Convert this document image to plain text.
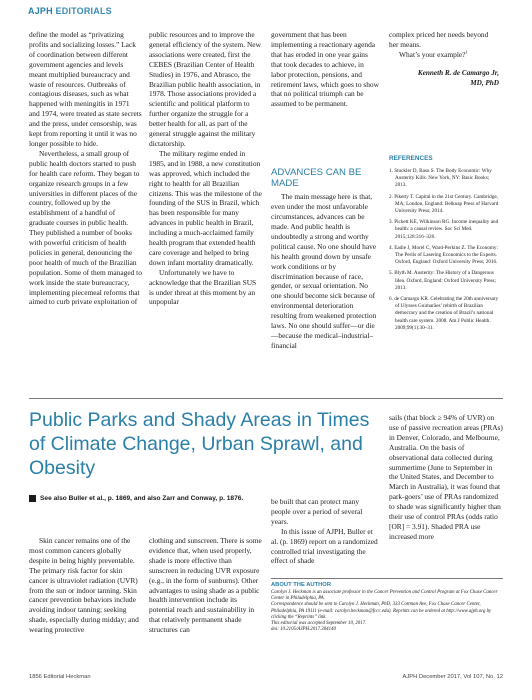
AJPH EDITORIALS

define the model as “privatizing profits and socializing losses.” Lack of coordination between different government agencies and levels meant multiplied bureaucracy and waste of resources. Outbreaks of contagious diseases, such as what happened with meningitis in 1971 and 1974, were treated as state secrets and the press, under censorship, was kept from reporting it until it was no longer possible to hide.

Nevertheless, a small group of public health doctors started to push for health care reform. They began to organize research groups in a few universities in different places of the country, followed up by the establishment of a handful of graduate courses in public health. They published a number of books with powerful criticism of health policies in general, denouncing the poor health of much of the Brazilian population. Some of them managed to work inside the state bureaucracy, implementing piecemeal reforms that aimed to curb private exploitation of

public resources and to improve the general efficiency of the system. New associations were created, first the CEBES (Brazilian Center of Health Studies) in 1976, and Abrasco, the Brazilian public health association, in 1978. Those associations provided a scientific and political platform to further organize the struggle for a better health for all, as part of the general struggle against the military dictatorship.

The military regime ended in 1985, and in 1988, a new constitution was approved, which included the right to health for all Brazilian citizens. This was the milestone of the founding of the SUS in Brazil, which has been responsible for many advances in public health in Brazil, including a much-acclaimed family health program that extended health care coverage and helped to bring down infant mortality dramatically.

Unfortunately we have to acknowledge that the Brazilian SUS is under threat at this moment by an unpopular

government that has been implementing a reactionary agenda that has eroded in one year gains that took decades to achieve, in labor protection, pensions, and retirement laws, which goes to show that no political triumph can be assumed to be permanent.

ADVANCES CAN BE MADE

The main message here is that, even under the most unfavorable circumstances, advances can be made. And public health is undoubtedly a strong and worthy political cause. No one should have his health ground down by unsafe work conditions or by discrimination because of race, gender, or sexual orientation. No one should become sick because of environmental deterioration resulting from weakened protection laws. No one should suffer—or die—because the medical–industrial–financial

complex priced her needs beyond her means.

What’s your example?$^1$

Kenneth R. de Camargo Jr,
MD, PhD
REFERENCES
1. Stuckler D, Basu S. The Body Economic: Why Austerity Kills. New York, NY: Basic Books; 2013.
2. Piketty T. Capital in the 21st Century. Cambridge, MA; London, England: Belknap Press of Harvard University Press; 2014.
3. Pickett KE, Wilkinson RG. Income inequality and health: a causal review. Soc Sci Med. 2015;128:316–326.
4. Eadie J, Morel C, Ward-Perkins Z. The Economy: The Perils of Lasering Economics to the Experts. Oxford, England: Oxford University Press; 2016.
5. Blyth M. Austerity: The History of a Dangerous Idea. Oxford, England: Oxford University Press; 2013.
6. de Camargo KR. Celebrating the 20th anniversary of Ulysses Guimarães’ rebirth of Brazilian democracy and the creation of Brazil’s national health care system. 2008. Am J Public Health. 2009;99(1):30–31.
Public Parks and Shady Areas in Times of Climate Change, Urban Sprawl, and Obesity
See also Buller et al., p. 1869, and also Zarr and Conway, p. 1876.

Skin cancer remains one of the most common cancers globally despite in being highly preventable. The primary risk factor for skin cancer is ultraviolet radiation (UVR) from the sun or indoor tanning. Skin cancer prevention behaviors include avoiding indoor tanning; seeking shade, especially during midday; and wearing protective

clothing and sunscreen. There is some evidence that, when used properly, shade is more effective than sunscreen in reducing UVR exposure (e.g., in the form of sunburns). Other advantages to using shade as a public health intervention include its potential reach and sustainability in that relatively permanent shade structures can

be built that can protect many people over a period of several years.

In this issue of AJPH, Buller et al. (p. 1869) report on a randomized controlled trial investigating the effect of shade

sails (that block ≥ 94% of UVR) on use of passive recreation areas (PRAs) in Denver, Colorado, and Melbourne, Australia. On the basis of observational data collected during summertime (June to September in the United States, and December to March in Australia), it was found that park-goers’ use of PRAs randomized to shade was significantly higher than their use of control PRAs (odds ratio [OR] = 3.91). Shaded PRA use increased more

ABOUT THE AUTHOR

Carolyn J. Heckman is an associate professor in the Cancer Prevention and Control Program at Fox Chase Cancer Center in Philadelphia, PA.

Correspondence should be sent to Carolyn J. Heckman, PhD, 333 Cottman Ave, Fox Chase Cancer Center, Philadelphia, PA 19111 (e-mail: carolyn.heckman@fccc.edu). Reprints can be ordered at http://www.ajph.org by clicking the “Reprints” link.

This editorial was accepted September 10, 2017.

doi: 10.2105/AJPH.2017.304140

1856 Editorial Heckman	AJPH December 2017, Vol 107, No. 12
